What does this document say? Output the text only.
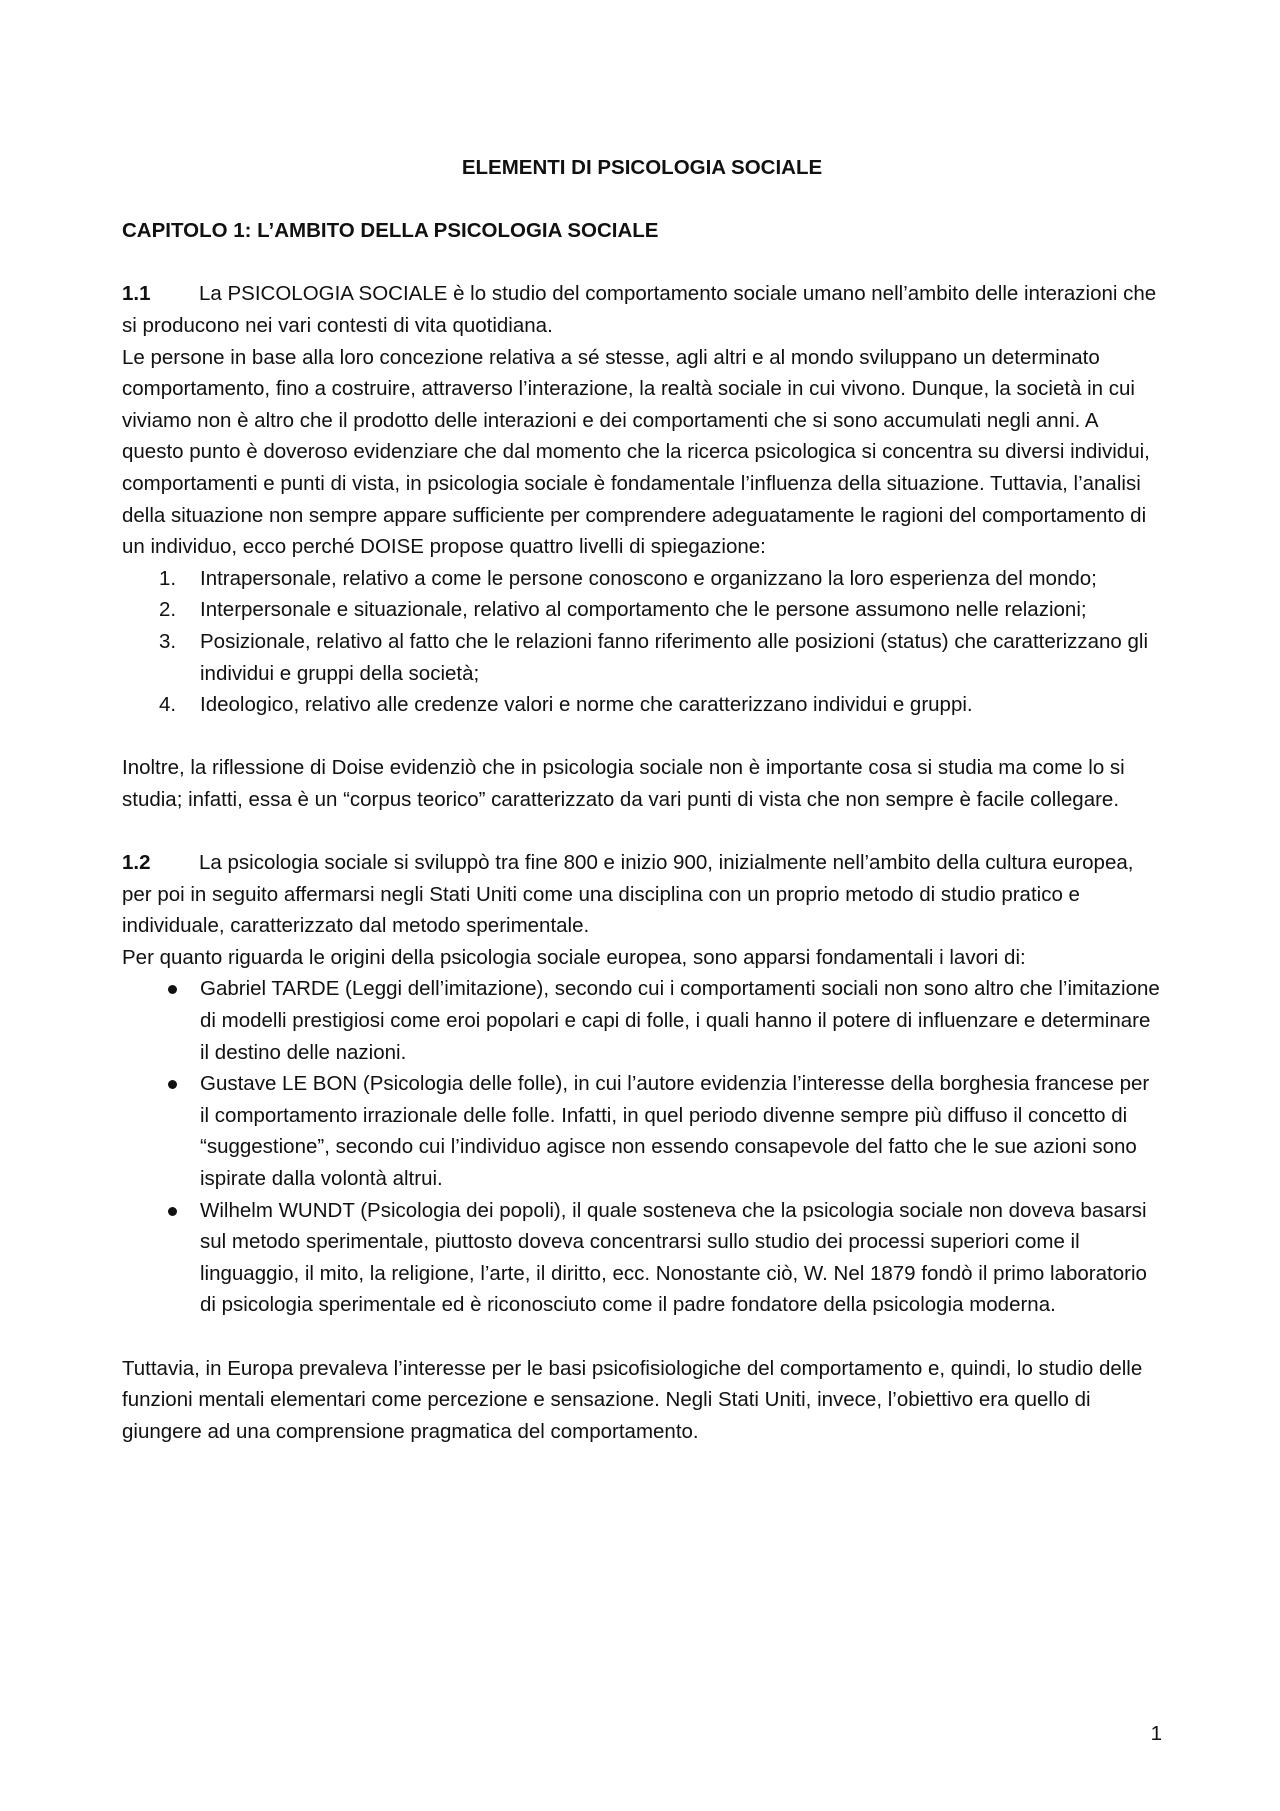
ELEMENTI DI PSICOLOGIA SOCIALE
CAPITOLO 1: L’AMBITO DELLA PSICOLOGIA SOCIALE

1.1 La PSICOLOGIA SOCIALE è lo studio del comportamento sociale umano nell’ambito delle interazioni che si producono nei vari contesti di vita quotidiana.

Le persone in base alla loro concezione relativa a sé stesse, agli altri e al mondo sviluppano un determinato comportamento, fino a costruire, attraverso l’interazione, la realtà sociale in cui vivono. Dunque, la società in cui viviamo non è altro che il prodotto delle interazioni e dei comportamenti che si sono accumulati negli anni. A questo punto è doveroso evidenziare che dal momento che la ricerca psicologica si concentra su diversi individui, comportamenti e punti di vista, in psicologia sociale è fondamentale l’influenza della situazione. Tuttavia, l’analisi della situazione non sempre appare sufficiente per comprendere adeguatamente le ragioni del comportamento di un individuo, ecco perché DOISE propose quattro livelli di spiegazione:

1. Intrapersonale, relativo a come le persone conoscono e organizzano la loro esperienza del mondo;
2. Interpersonale e situazionale, relativo al comportamento che le persone assumono nelle relazioni;
3. Posizionale, relativo al fatto che le relazioni fanno riferimento alle posizioni (status) che caratterizzano gli individui e gruppi della società;
4. Ideologico, relativo alle credenze valori e norme che caratterizzano individui e gruppi.

Inoltre, la riflessione di Doise evidenziò che in psicologia sociale non è importante cosa si studia ma come lo si studia; infatti, essa è un “corpus teorico” caratterizzato da vari punti di vista che non sempre è facile collegare.

1.2 La psicologia sociale si sviluppò tra fine 800 e inizio 900, inizialmente nell’ambito della cultura europea, per poi in seguito affermarsi negli Stati Uniti come una disciplina con un proprio metodo di studio pratico e individuale, caratterizzato dal metodo sperimentale.

Per quanto riguarda le origini della psicologia sociale europea, sono apparsi fondamentali i lavori di:

Gabriel TARDE (Leggi dell’imitazione), secondo cui i comportamenti sociali non sono altro che l’imitazione di modelli prestigiosi come eroi popolari e capi di folle, i quali hanno il potere di influenzare e determinare il destino delle nazioni.
Gustave LE BON (Psicologia delle folle), in cui l’autore evidenzia l’interesse della borghesia francese per il comportamento irrazionale delle folle. Infatti, in quel periodo divenne sempre più diffuso il concetto di “suggestione”, secondo cui l’individuo agisce non essendo consapevole del fatto che le sue azioni sono ispirate dalla volontà altrui.
Wilhelm WUNDT (Psicologia dei popoli), il quale sosteneva che la psicologia sociale non doveva basarsi sul metodo sperimentale, piuttosto doveva concentrarsi sullo studio dei processi superiori come il linguaggio, il mito, la religione, l’arte, il diritto, ecc. Nonostante ciò, W. Nel 1879 fondò il primo laboratorio di psicologia sperimentale ed è riconosciuto come il padre fondatore della psicologia moderna.

Tuttavia, in Europa prevaleva l’interesse per le basi psicofisiologiche del comportamento e, quindi, lo studio delle funzioni mentali elementari come percezione e sensazione. Negli Stati Uniti, invece, l’obiettivo era quello di giungere ad una comprensione pragmatica del comportamento.

1
